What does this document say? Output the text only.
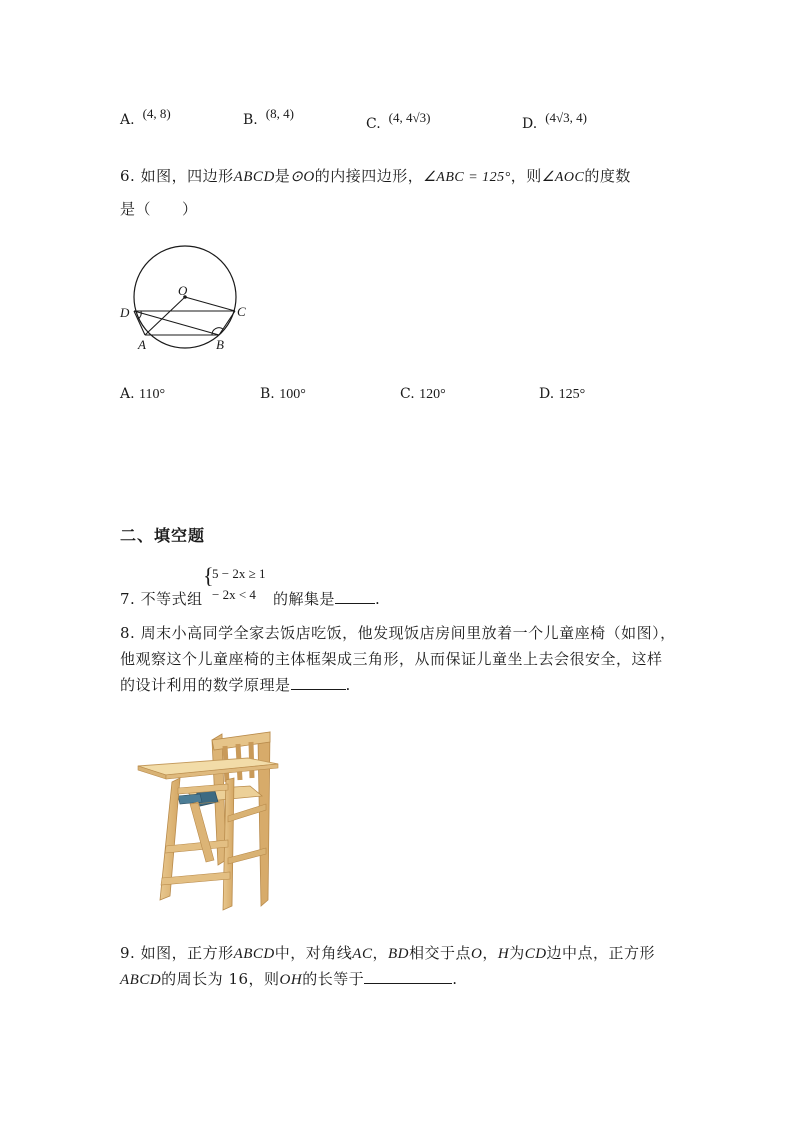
A. (4, 8)	B. (8, 4)
C. (4, 4√3)	D. (4√3, 4)
6. 如图，四边形ABCD是⊙O的内接四边形，∠ABC = 125°，则∠AOC的度数
是（　　）
O
D	C
A	B
A. 110°	B. 100°	C. 120°	D. 125°
二、填空题
{
5 − 2x ≥ 1
− 2x < 4
7. 不等式组	的解集是	.
8. 周末小高同学全家去饭店吃饭，他发现饭店房间里放着一个儿童座椅（如图），
他观察这个儿童座椅的主体框架成三角形，从而保证儿童坐上去会很安全，这样
的设计利用的数学原理是	.
9. 如图，正方形ABCD中，对角线AC，BD相交于点O，H为CD边中点，正方形
ABCD的周长为 16，则OH的长等于	.
